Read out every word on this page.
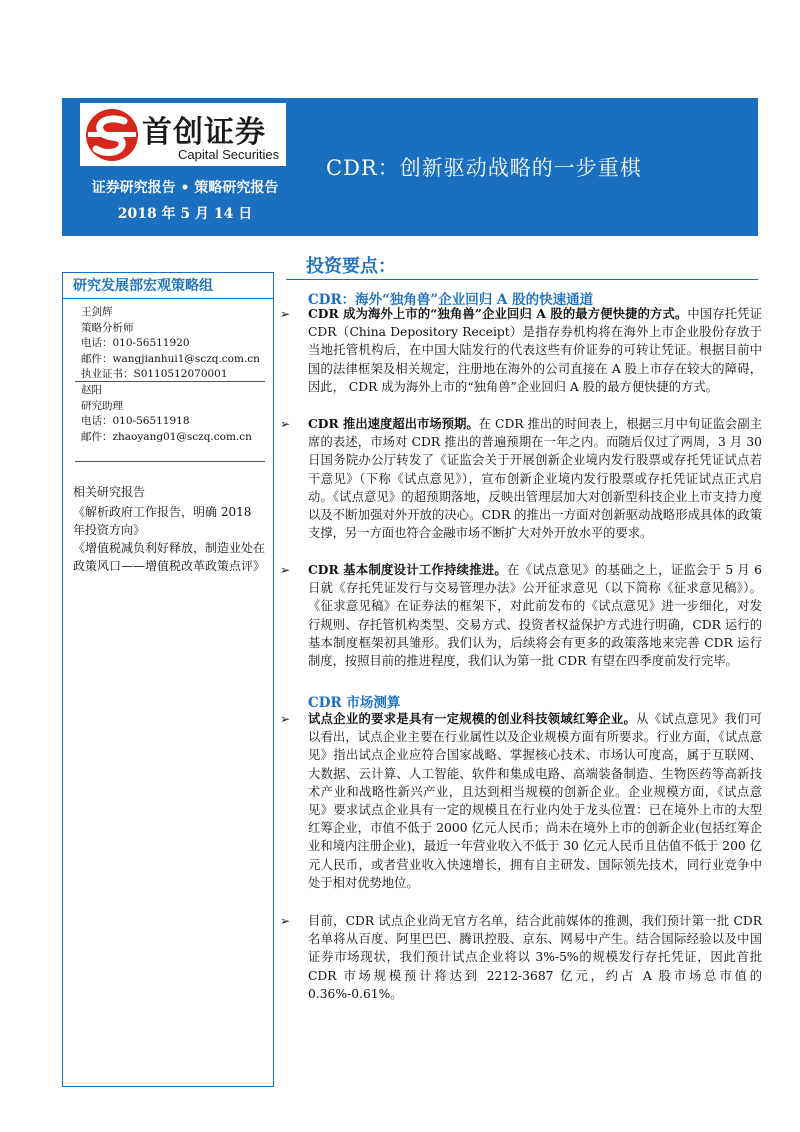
首创证券
Capital Securities
证券研究报告 • 策略研究报告
2018 年 5 月 14 日
CDR：创新驱动战略的一步重棋
研究发展部宏观策略组
王剑辉
策略分析师
电话：010-56511920
邮件：wangjianhui1@sczq.com.cn
执业证书：S0110512070001
赵阳
研究助理
电话：010-56511918
邮件：zhaoyang01@sczq.com.cn
相关研究报告
《解析政府工作报告，明确 2018 年投资方向》
《增值税减负利好释放，制造业处在政策风口——增值税改革政策点评》
投资要点：
CDR：海外“独角兽”企业回归 A 股的快速通道
➢ CDR 成为海外上市的“独角兽”企业回归 A 股的最方便快捷的方式。中国存托凭证 CDR（China Depository Receipt）是指存券机构将在海外上市企业股份存放于当地托管机构后，在中国大陆发行的代表这些有价证券的可转让凭证。根据目前中国的法律框架及相关规定，注册地在海外的公司直接在 A 股上市存在较大的障碍，因此， CDR 成为海外上市的“独角兽”企业回归 A 股的最方便快捷的方式。
➢ CDR 推出速度超出市场预期。在 CDR 推出的时间表上，根据三月中旬证监会副主席的表述，市场对 CDR 推出的普遍预期在一年之内。而随后仅过了两周，3 月 30 日国务院办公厅转发了《证监会关于开展创新企业境内发行股票或存托凭证试点若干意见》（下称《试点意见》），宣布创新企业境内发行股票或存托凭证试点正式启动。《试点意见》的超预期落地，反映出管理层加大对创新型科技企业上市支持力度以及不断加强对外开放的决心。CDR 的推出一方面对创新驱动战略形成具体的政策支撑，另一方面也符合金融市场不断扩大对外开放水平的要求。
➢ CDR 基本制度设计工作持续推进。在《试点意见》的基础之上，证监会于 5 月 6 日就《存托凭证发行与交易管理办法》公开征求意见（以下简称《征求意见稿》）。《征求意见稿》在证券法的框架下，对此前发布的《试点意见》进一步细化，对发行规则、存托管机构类型、交易方式、投资者权益保护方式进行明确，CDR 运行的基本制度框架初具雏形。我们认为，后续将会有更多的政策落地来完善 CDR 运行制度，按照目前的推进程度，我们认为第一批 CDR 有望在四季度前发行完毕。
CDR 市场测算
➢ 试点企业的要求是具有一定规模的创业科技领域红筹企业。从《试点意见》我们可以看出，试点企业主要在行业属性以及企业规模方面有所要求。行业方面，《试点意见》指出试点企业应符合国家战略、掌握核心技术、市场认可度高，属于互联网、大数据、云计算、人工智能、软件和集成电路、高端装备制造、生物医药等高新技术产业和战略性新兴产业，且达到相当规模的创新企业。企业规模方面，《试点意见》要求试点企业具有一定的规模且在行业内处于龙头位置：已在境外上市的大型红筹企业，市值不低于 2000 亿元人民币；尚未在境外上市的创新企业(包括红筹企业和境内注册企业)，最近一年营业收入不低于 30 亿元人民币且估值不低于 200 亿元人民币，或者营业收入快速增长，拥有自主研发、国际领先技术，同行业竞争中处于相对优势地位。
➢ 目前，CDR 试点企业尚无官方名单，结合此前媒体的推测，我们预计第一批 CDR 名单将从百度、阿里巴巴、腾讯控股、京东、网易中产生。结合国际经验以及中国证券市场现状，我们预计试点企业将以 3%-5%的规模发行存托凭证，因此首批 CDR 市场规模预计将达到 2212-3687 亿元，约占 A 股市场总市值的 0.36%-0.61%。
